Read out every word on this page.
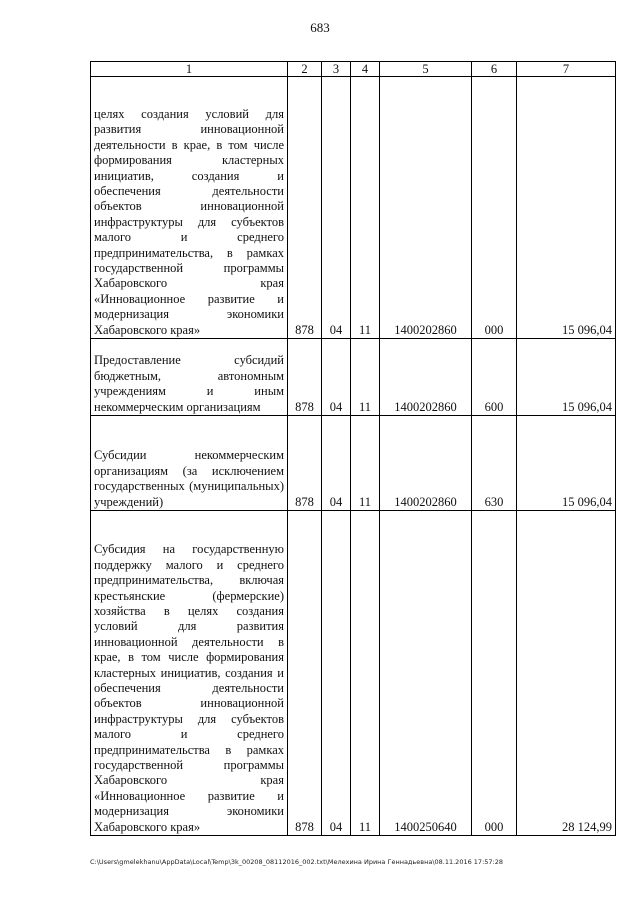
683
1	2	3	4	5	6	7
целях создания условий для развития инновационной деятельности в крае, в том числе формирования кластерных инициатив, создания и обеспечения деятельности объектов инновационной инфраструктуры для субъектов малого и среднего предпринимательства, в рамках государственной программы Хабаровского края «Инновационное развитие и модернизация экономики Хабаровского края»	878	04	11	1400202860	000	15 096,04
Предоставление субсидий бюджетным, автономным учреждениям и иным некоммерческим организациям	878	04	11	1400202860	600	15 096,04
Субсидии некоммерческим организациям (за исключением государственных (муниципальных) учреждений)	878	04	11	1400202860	630	15 096,04
Субсидия на государственную поддержку малого и среднего предпринимательства, включая крестьянские (фермерские) хозяйства в целях создания условий для развития инновационной деятельности в крае, в том числе формирования кластерных инициатив, создания и обеспечения деятельности объектов инновационной инфраструктуры для субъектов малого и среднего предпринимательства в рамках государственной программы Хабаровского края «Инновационное развитие и модернизация экономики Хабаровского края»	878	04	11	1400250640	000	28 124,99
C:\Users\gmelekhanu\AppData\Local\Temp\3k_00208_08112016_002.txt\Мелехина Ирина Геннадьевна\08.11.2016 17:57:28
